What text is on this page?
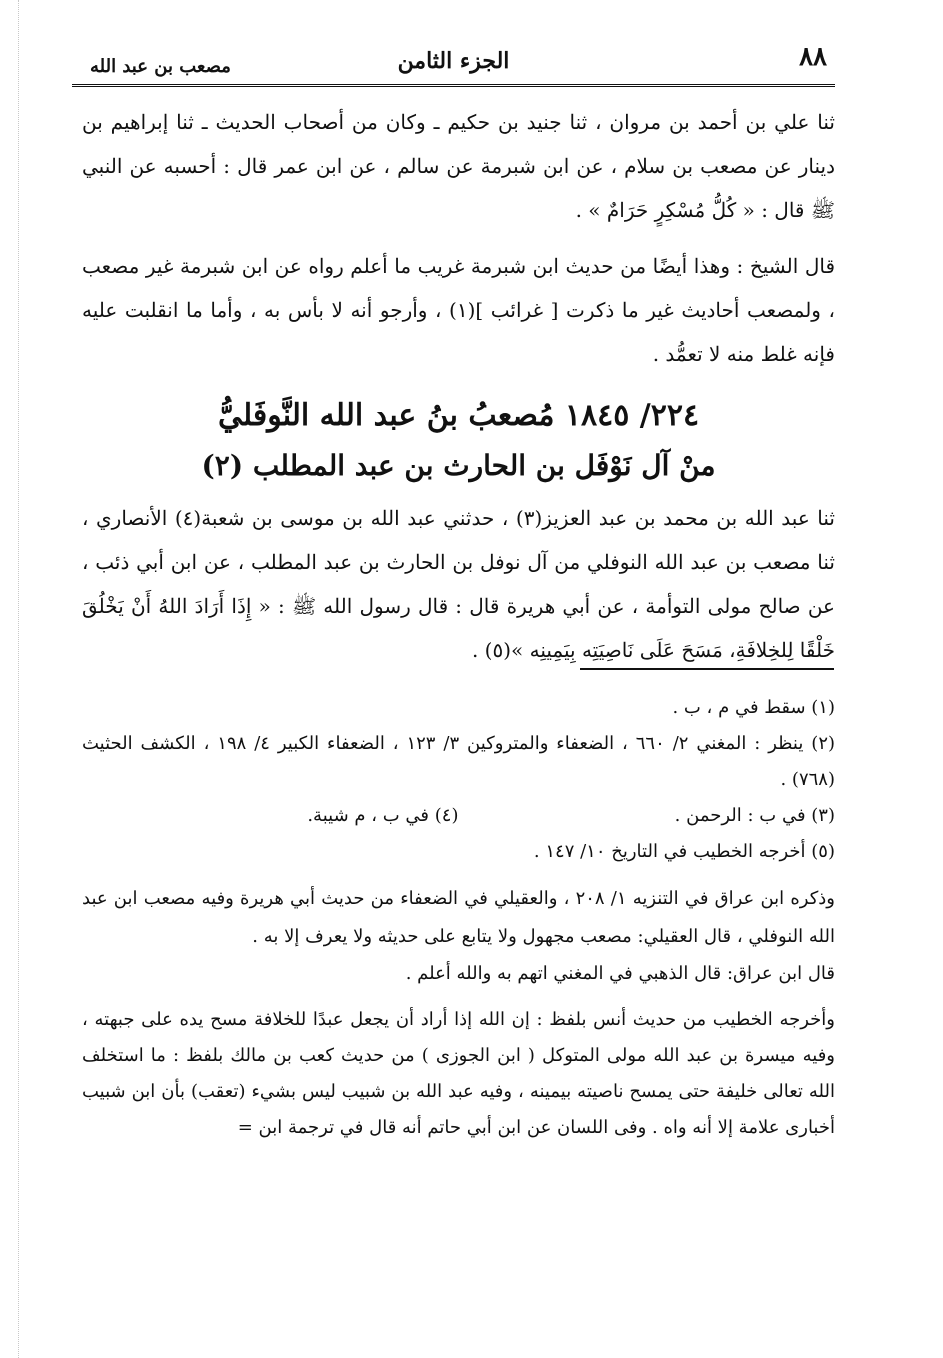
٨٨
الجزء الثامن
مصعب بن عبد الله

ثنا علي بن أحمد بن مروان ، ثنا جنيد بن حكيم ـ وكان من أصحاب الحديث ـ ثنا إبراهيم بن دينار عن مصعب بن سلام ، عن ابن شبرمة عن سالم ، عن ابن عمر قال : أحسبه عن النبي ﷺ قال : « كُلُّ مُسْكِرٍ حَرَامٌ » .

قال الشيخ : وهذا أيضًا من حديث ابن شبرمة غريب ما أعلم رواه عن ابن شبرمة غير مصعب ، ولمصعب أحاديث غير ما ذكرت [ غرائب ](١) ، وأرجو أنه لا بأس به ، وأما ما انقلبت عليه فإنه غلط منه لا تعمُّد .

٢٢٤/ ١٨٤٥ مُصعبُ بنُ عبد الله النَّوفَليُّ
منْ آل نَوْفَل بن الحارث بن عبد المطلب (٢)

ثنا عبد الله بن محمد بن عبد العزيز(٣) ، حدثني عبد الله بن موسى بن شعبة(٤) الأنصاري ، ثنا مصعب بن عبد الله النوفلي من آل نوفل بن الحارث بن عبد المطلب ، عن ابن أبي ذئب ، عن صالح مولى التوأمة ، عن أبي هريرة قال : قال رسول الله ﷺ : « إِذَا أَرَادَ اللهُ أَنْ يَخْلُقَ خَلْقًا لِلخِلافَةِ، مَسَحَ عَلَى نَاصِيَتِه بِيَمِينِه »(٥) .

(١) سقط في م ، ب .

(٢) ينظر : المغني ٢/ ٦٦٠ ، الضعفاء والمتروكين ٣/ ١٢٣ ، الضعفاء الكبير ٤/ ١٩٨ ، الكشف الحثيث (٧٦٨) .

(٣) في ب : الرحمن .
(٤) في ب ، م شيبة.

(٥) أخرجه الخطيب في التاريخ ١٠/ ١٤٧ .

وذكره ابن عراق في التنزيه ١/ ٢٠٨ ، والعقيلي في الضعفاء من حديث أبي هريرة وفيه مصعب ابن عبد الله النوفلي ، قال العقيلي: مصعب مجهول ولا يتابع على حديثه ولا يعرف إلا به .

قال ابن عراق: قال الذهبي في المغني اتهم به والله أعلم .

وأخرجه الخطيب من حديث أنس بلفظ : إن الله إذا أراد أن يجعل عبدًا للخلافة مسح يده على جبهته ، وفيه ميسرة بن عبد الله مولى المتوكل ( ابن الجوزى ) من حديث كعب بن مالك بلفظ : ما استخلف الله تعالى خليفة حتى يمسح ناصيته بيمينه ، وفيه عبد الله بن شبيب ليس بشيء (تعقب) بأن ابن شبيب أخبارى علامة إلا أنه واه . وفى اللسان عن ابن أبي حاتم أنه قال في ترجمة ابن =
